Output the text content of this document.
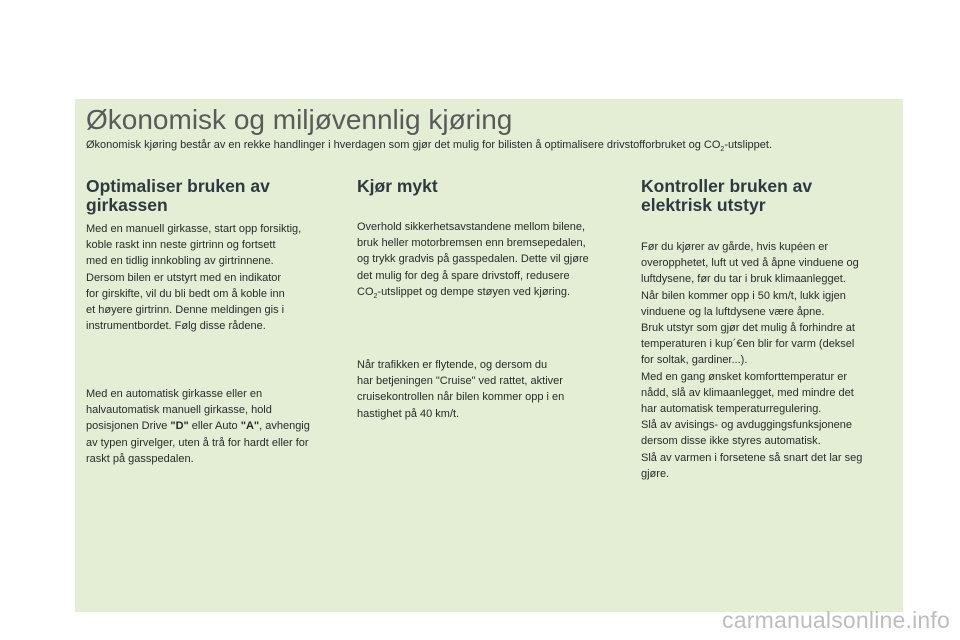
Økonomisk og miljøvennlig kjøring
Økonomisk kjøring består av en rekke handlinger i hverdagen som gjør det mulig for bilisten å optimalisere drivstofforbruket og $CO_2$-utslippet.
Optimaliser bruken av
girkassen

Med en manuell girkasse, start opp forsiktig,
koble raskt inn neste girtrinn og fortsett
med en tidlig innkobling av girtrinnene.
Dersom bilen er utstyrt med en indikator
for girskifte, vil du bli bedt om å koble inn
et høyere girtrinn. Denne meldingen gis i
instrumentbordet. Følg disse rådene.

Med en automatisk girkasse eller en
halvautomatisk manuell girkasse, hold
posisjonen Drive "D" eller Auto "A", avhengig
av typen girvelger, uten å trå for hardt eller for
raskt på gasspedalen.

Kjør mykt

Overhold sikkerhetsavstandene mellom bilene,
bruk heller motorbremsen enn bremsepedalen,
og trykk gradvis på gasspedalen. Dette vil gjøre
det mulig for deg å spare drivstoff, redusere
$CO_2$-utslippet og dempe støyen ved kjøring.

Når trafikken er flytende, og dersom du
har betjeningen "Cruise" ved rattet, aktiver
cruisekontrollen når bilen kommer opp i en
hastighet på 40 km/t.

Kontroller bruken av
elektrisk utstyr

Før du kjører av gårde, hvis kupéen er
overopphetet, luft ut ved å åpne vinduene og
luftdysene, før du tar i bruk klimaanlegget.
Når bilen kommer opp i 50 km/t, lukk igjen
vinduene og la luftdysene være åpne.
Bruk utstyr som gjør det mulig å forhindre at
temperaturen i kup´€en blir for varm (deksel
for soltak, gardiner...).
Med en gang ønsket komforttemperatur er
nådd, slå av klimaanlegget, med mindre det
har automatisk temperaturregulering.
Slå av avisings- og avduggingsfunksjonene
dersom disse ikke styres automatisk.
Slå av varmen i forsetene så snart det lar seg
gjøre.

carmanualsonline.info
